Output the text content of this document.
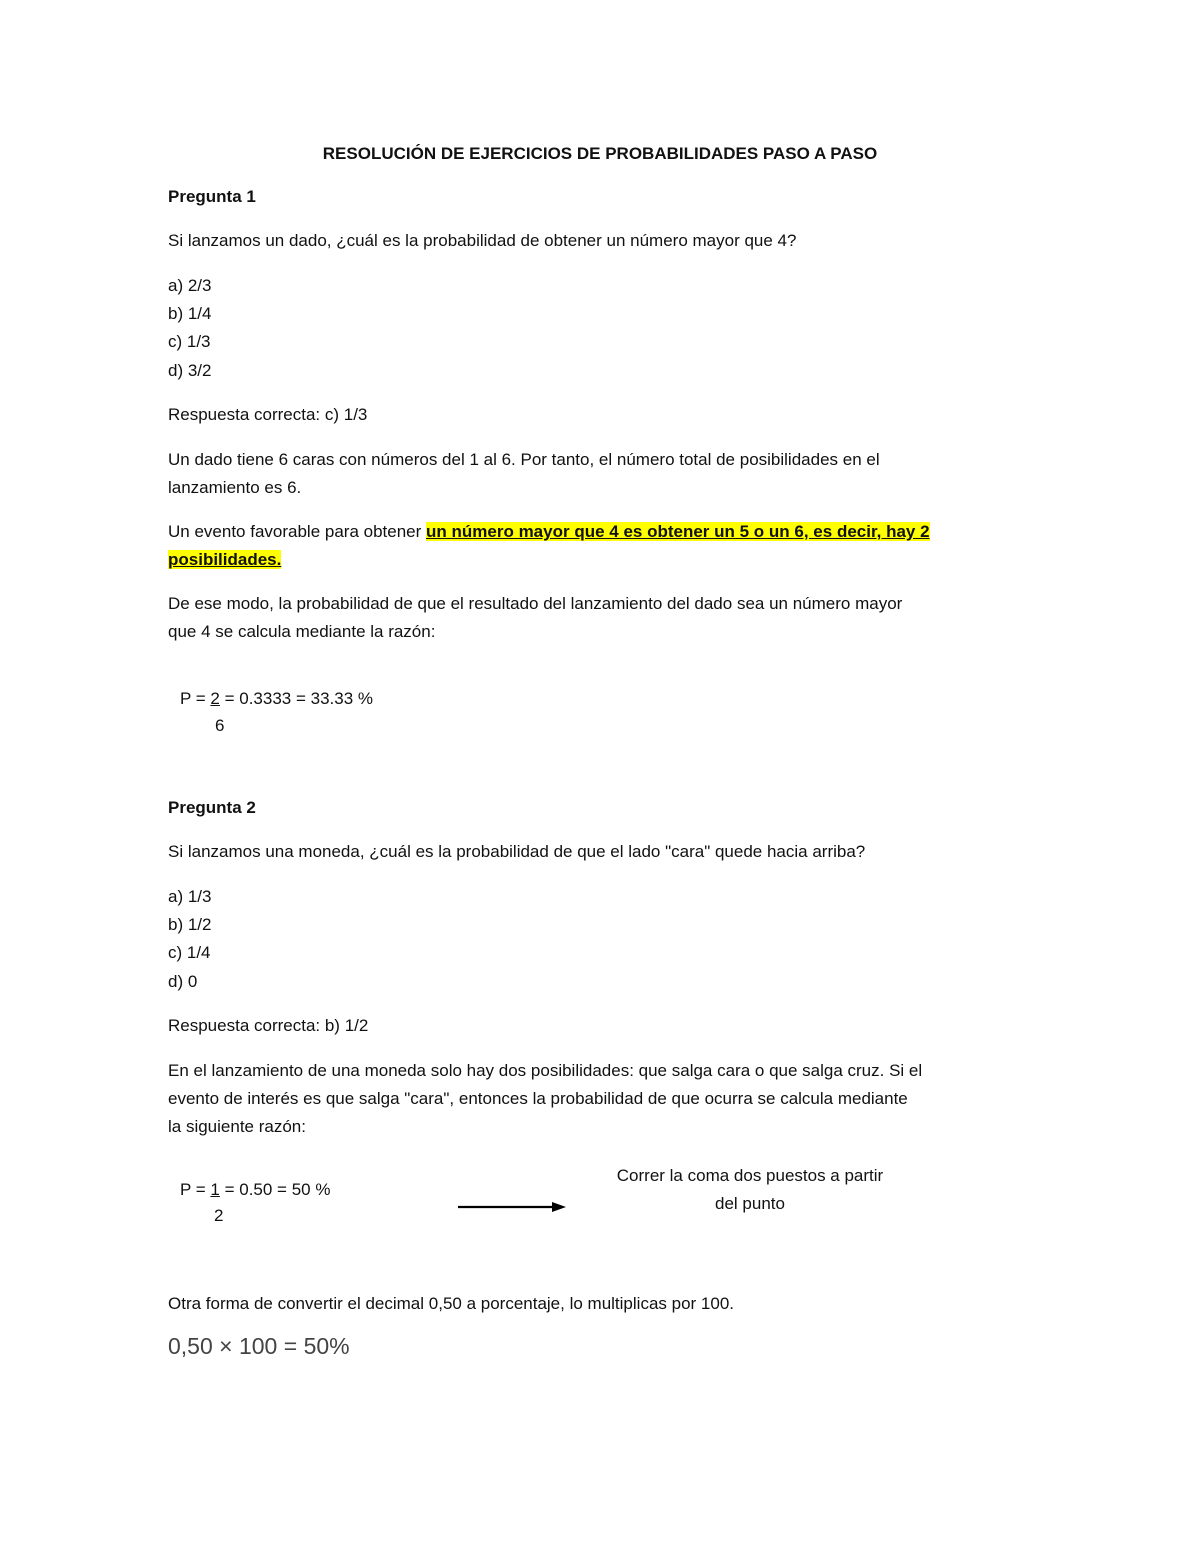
RESOLUCIÓN DE EJERCICIOS DE PROBABILIDADES PASO A PASO

Pregunta 1

Si lanzamos un dado, ¿cuál es la probabilidad de obtener un número mayor que 4?

a) 2/3

b) 1/4

c) 1/3

d) 3/2

Respuesta correcta: c) 1/3

Un dado tiene 6 caras con números del 1 al 6. Por tanto, el número total de posibilidades en el

lanzamiento es 6.

Un evento favorable para obtener un número mayor que 4 es obtener un 5 o un 6, es decir, hay 2

posibilidades.

De ese modo, la probabilidad de que el resultado del lanzamiento del dado sea un número mayor

que 4 se calcula mediante la razón:

P = 2 = 0.3333 = 33.33 %

6

Pregunta 2

Si lanzamos una moneda, ¿cuál es la probabilidad de que el lado "cara" quede hacia arriba?

a) 1/3

b) 1/2

c) 1/4

d) 0

Respuesta correcta: b) 1/2

En el lanzamiento de una moneda solo hay dos posibilidades: que salga cara o que salga cruz. Si el

evento de interés es que salga "cara", entonces la probabilidad de que ocurra se calcula mediante

la siguiente razón:

P = 1 = 0.50 = 50 %

2

Correr la coma dos puestos a partir
del punto

Otra forma de convertir el decimal 0,50 a porcentaje, lo multiplicas por 100.

0,50 × 100 = 50%
